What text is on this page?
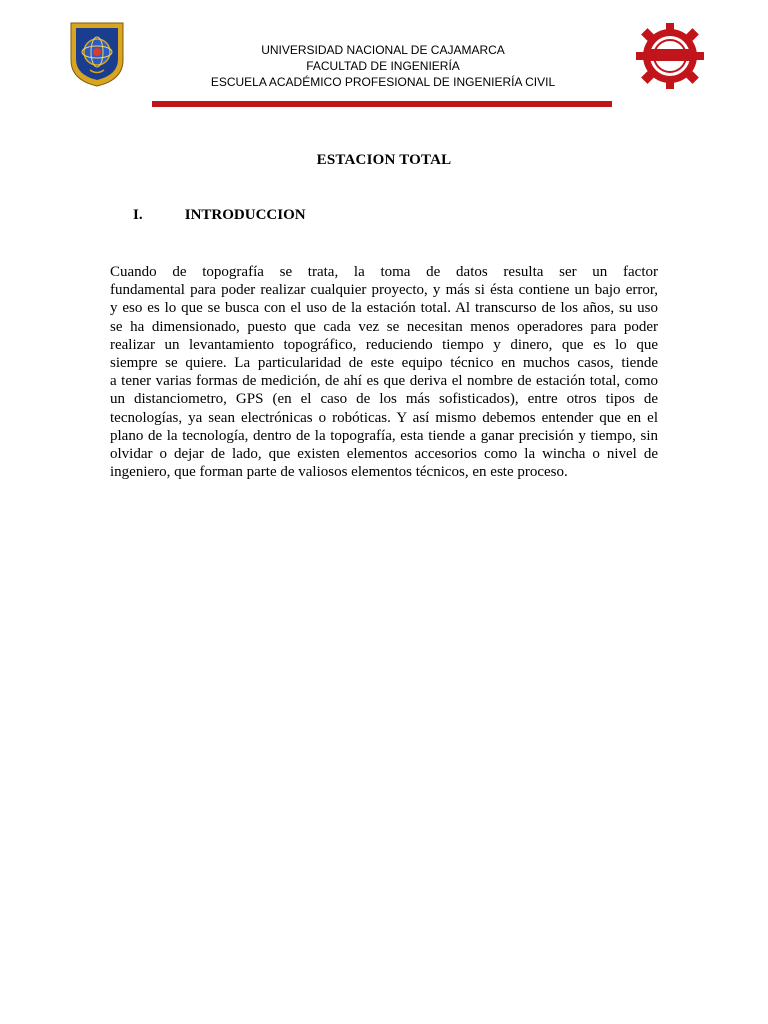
UNIVERSIDAD NACIONAL DE CAJAMARCA
FACULTAD DE INGENIERÍA
ESCUELA ACADÉMICO PROFESIONAL DE INGENIERÍA CIVIL
ESTACION TOTAL
I.	INTRODUCCION
Cuando de topografía se trata, la toma de datos resulta ser un factor
fundamental para poder realizar cualquier proyecto, y más si ésta contiene un bajo error,
y eso es lo que se busca con el uso de la estación total. Al transcurso de los años, su uso
se ha dimensionado, puesto que cada vez se necesitan menos operadores para poder
realizar un levantamiento topográfico, reduciendo tiempo y dinero, que es lo que
siempre se quiere. La particularidad de este equipo técnico en muchos casos, tiende
a tener varias formas de medición, de ahí es que deriva el nombre de estación total, como
un distanciometro, GPS (en el caso de los más sofisticados), entre otros tipos de
tecnologías, ya sean electrónicas o robóticas. Y así mismo debemos entender que en el
plano de la tecnología, dentro de la topografía, esta tiende a ganar precisión y tiempo, sin
olvidar o dejar de lado, que existen elementos accesorios como la wincha o nivel de
ingeniero, que forman parte de valiosos elementos técnicos, en este proceso.
